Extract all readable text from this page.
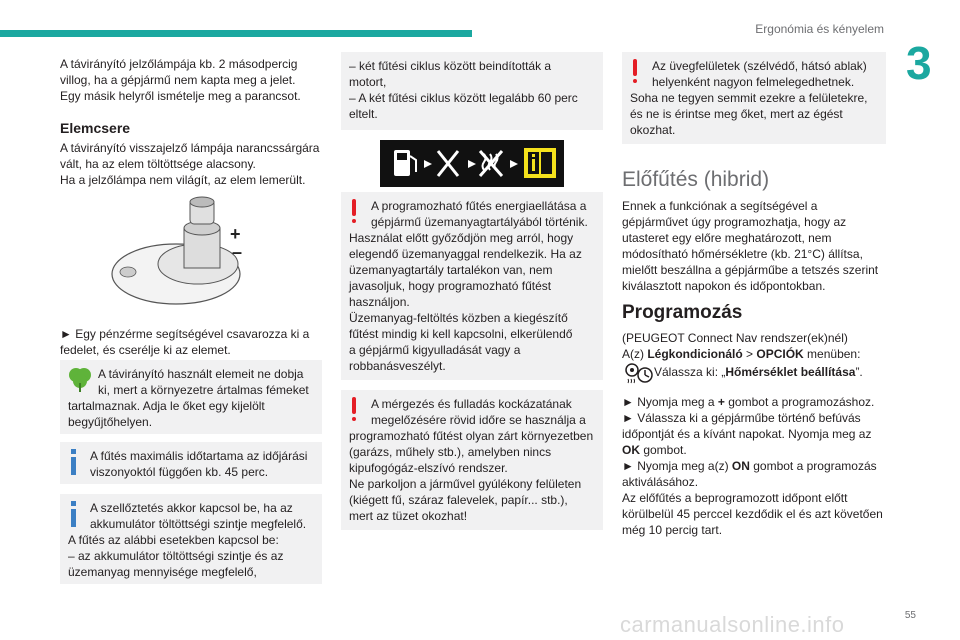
Ergonómia és kényelem
3
55
carmanualsonline.info
A távirányító jelzőlámpája kb. 2 másodpercig
villog, ha a gépjármű nem kapta meg a jelet.
Egy másik helyről ismételje meg a parancsot.
Elemcsere
A távirányító visszajelző lámpája narancssárgára
vált, ha az elem töltöttsége alacsony.
Ha a jelzőlámpa nem világít, az elem lemerült.
+
–
► Egy pénzérme segítségével csavarozza ki a
fedelet, és cserélje ki az elemet.
A távirányító használt elemeit ne dobja
ki, mert a környezetre ártalmas fémeket
tartalmaznak. Adja le őket egy kijelölt
begyűjtőhelyen.
A fűtés maximális időtartama az időjárási
viszonyoktól függően kb. 45 perc.
A szellőztetés akkor kapcsol be, ha az
akkumulátor töltöttségi szintje megfelelő.
A fűtés az alábbi esetekben kapcsol be:
– az akkumulátor töltöttségi szintje és az
üzemanyag mennyisége megfelelő,
– két fűtési ciklus között beindították a
motort,
– A két fűtési ciklus között legalább 60 perc
eltelt.
A programozható fűtés energiaellátása a
gépjármű üzemanyagtartályából történik.
Használat előtt győződjön meg arról, hogy
elegendő üzemanyaggal rendelkezik. Ha az
üzemanyagtartály tartalékon van, nem
javasoljuk, hogy programozható fűtést
használjon.
Üzemanyag-feltöltés közben a kiegészítő
fűtést mindig ki kell kapcsolni, elkerülendő
a gépjármű kigyulladását vagy a
robbanásveszélyt.
A mérgezés és fulladás kockázatának
megelőzésére rövid időre se használja a
programozható fűtést olyan zárt környezetben
(garázs, műhely stb.), amelyben nincs
kipufogógáz-elszívó rendszer.
Ne parkoljon a járművel gyúlékony felületen
(kiégett fű, száraz falevelek, papír... stb.),
mert az tüzet okozhat!
Az üvegfelületek (szélvédő, hátsó ablak)
helyenként nagyon felmelegedhetnek.
Soha ne tegyen semmit ezekre a felületekre,
és ne is érintse meg őket, mert az égést
okozhat.
Előfűtés (hibrid)
Ennek a funkciónak a segítségével a
gépjárművet úgy programozhatja, hogy az
utasteret egy előre meghatározott, nem
módosítható hőmérsékletre (kb. 21°C) állítsa,
mielőtt beszállna a gépjárműbe a tetszés szerint
kiválasztott napokon és időpontokban.
Programozás
(PEUGEOT Connect Nav rendszer(ek)nél)
A(z) Légkondicionáló > OPCIÓK menüben:
Válassza ki: „Hőmérséklet beállítása”.
► Nyomja meg a + gombot a programozáshoz.
► Válassza ki a gépjárműbe történő befúvás
időpontját és a kívánt napokat. Nyomja meg az
OK gombot.
► Nyomja meg a(z) ON gombot a programozás
aktiválásához.
Az előfűtés a beprogramozott időpont előtt
körülbelül 45 perccel kezdődik el és azt követően
még 10 percig tart.
